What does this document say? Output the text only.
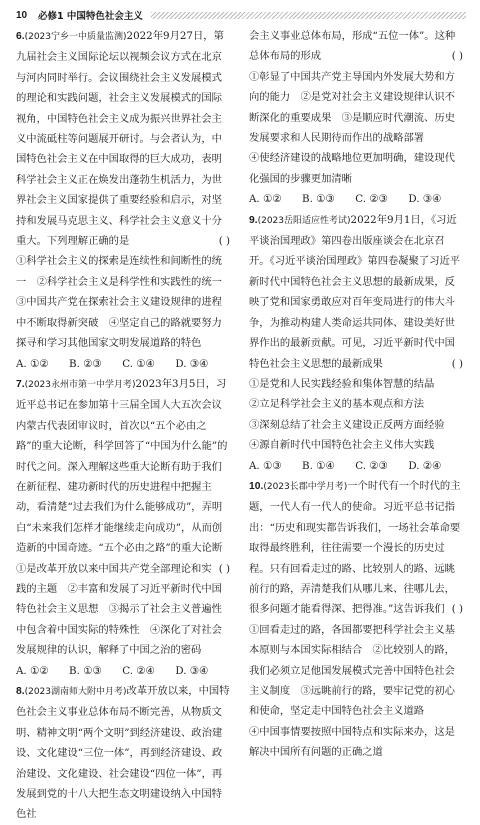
10	必修1 中国特色社会主义
6.(2023宁乡一中质量监测)2022年9月27日，第九届社会主义国际论坛以视频会议方式在北京与河内同时举行。会议围绕社会主义发展模式的理论和实践问题，社会主义发展模式的国际视角，中国特色社会主义成为振兴世界社会主义中流砥柱等问题展开研讨。与会者认为，中国特色社会主义在中国取得的巨大成功，表明科学社会主义正在焕发出蓬勃生机活力，为世界社会主义国家提供了重要经验和启示，对坚持和发展马克思主义、科学社会主义意义十分重大。下列理解正确的是	( )
①科学社会主义的探索是连续性和间断性的统一　②科学社会主义是科学性和实践性的统一
③中国共产党在探索社会主义建设规律的进程中不断取得新突破　④坚定自己的路就要努力探寻和学习其他国家文明发展道路的特色
A. ①②　　B. ②③　　C. ①④　　D. ③④
7.(2023永州市第一中学月考)2023年3月5日，习近平总书记在参加第十三届全国人大五次会议内蒙古代表团审议时，首次以“五个必由之路”的重大论断，科学回答了“中国为什么能”的时代之问。深入理解这些重大论断有助于我们在新征程、建功新时代的历史进程中把握主动，看清楚“过去我们为什么能够成功”，弄明白“未来我们怎样才能继续走向成功”，从而创造新的中国奇迹。“五个必由之路”的重大论断
( )
①是改革开放以来中国共产党全部理论和实践的主题　②丰富和发展了习近平新时代中国特色社会主义思想　③揭示了社会主义普遍性中包含着中国实际的特殊性　④深化了对社会发展规律的认识，解释了中国之治的密码
A. ①②　　B. ①③　　C. ②④　　D. ③④
8.(2023湖南师大附中月考)改革开放以来，中国特色社会主义事业总体布局不断完善，从物质文明、精神文明“两个文明”到经济建设、政治建设、文化建设“三位一体”，再到经济建设、政治建设、文化建设、社会建设“四位一体”，再发展到党的十八大把生态文明建设纳入中国特色社
会主义事业总体布局，形成“五位一体”。这种总体布局的形成	( )
①彰显了中国共产党主导国内外发展大势和方向的能力　②是党对社会主义建设规律认识不断深化的重要成果　③是顺应时代潮流、历史发展要求和人民期待而作出的战略部署
④使经济建设的战略地位更加明确，建设现代化强国的步骤更加清晰
A. ①②　　B. ①③　　C. ②③　　D. ③④
9.(2023岳阳适应性考试)2022年9月1日，《习近平谈治国理政》第四卷出版座谈会在北京召开。《习近平谈治国理政》第四卷凝聚了习近平新时代中国特色社会主义思想的最新成果，反映了党和国家勇敢应对百年变局进行的伟大斗争，为推动构建人类命运共同体、建设美好世界作出的最新贡献。可见，习近平新时代中国特色社会主义思想的最新成果	( )
①是党和人民实践经验和集体智慧的结晶
②立足科学社会主义的基本观点和方法
③深刻总结了社会主义建设正反两方面经验
④源自新时代中国特色社会主义伟大实践
A. ①③　　B. ①④　　C. ②③　　D. ②④
10.(2023长郡中学月考)一个时代有一个时代的主题，一代人有一代人的使命。习近平总书记指出：“历史和现实都告诉我们，一场社会革命要取得最终胜利，往往需要一个漫长的历史过程。只有回看走过的路、比较别人的路、远眺前行的路，弄清楚我们从哪儿来、往哪儿去，很多问题才能看得深、把得准。”这告诉我们 ( )
①回看走过的路，各国都要把科学社会主义基本原则与本国实际相结合　②比较别人的路，我们必须立足他国发展模式完善中国特色社会主义制度　③远眺前行的路，要牢记党的初心和使命，坚定走中国特色社会主义道路
④中国事情要按照中国特点和实际来办，这是解决中国所有问题的正确之道
